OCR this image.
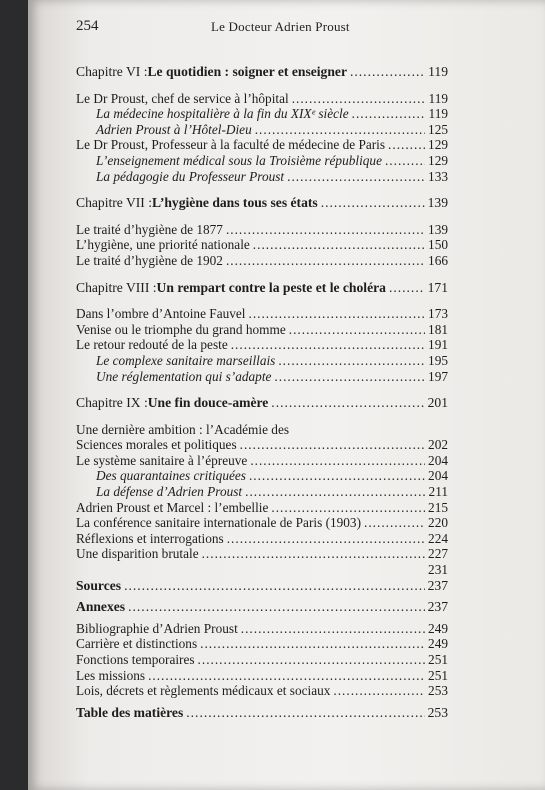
254	Le Docteur Adrien Proust
Chapitre VI : Le quotidien : soigner et enseigner .....	119
Le Dr Proust, chef de service à l’hôpital .....	119
La médecine hospitalière à la fin du XIXᵉ siècle .....	119
Adrien Proust à l’Hôtel-Dieu .....	125
Le Dr Proust, Professeur à la faculté de médecine de Paris .....	129
L’enseignement médical sous la Troisième république .....	129
La pédagogie du Professeur Proust .....	133
Chapitre VII : L’hygiène dans tous ses états .....	139
Le traité d’hygiène de 1877 .....	139
L’hygiène, une priorité nationale .....	150
Le traité d’hygiène de 1902 .....	166
Chapitre VIII : Un rempart contre la peste et le choléra .....	171
Dans l’ombre d’Antoine Fauvel .....	173
Venise ou le triomphe du grand homme .....	181
Le retour redouté de la peste .....	191
Le complexe sanitaire marseillais .....	195
Une réglementation qui s’adapte .....	197
Chapitre IX : Une fin douce-amère .....	201
Une dernière ambition : l’Académie des
Sciences morales et politiques .....	202
Le système sanitaire à l’épreuve .....	204
Des quarantaines critiquées .....	204
La défense d’Adrien Proust .....	211
Adrien Proust et Marcel : l’embellie .....	215
La conférence sanitaire internationale de Paris (1903) .....	220
Réflexions et interrogations .....	224
Une disparition brutale .....	227
231
Sources .....	237
Annexes .....	237
Bibliographie d’Adrien Proust .....	249
Carrière et distinctions .....	249
Fonctions temporaires .....	251
Les missions .....	251
Lois, décrets et règlements médicaux et sociaux .....	253
Table des matières .....	253
